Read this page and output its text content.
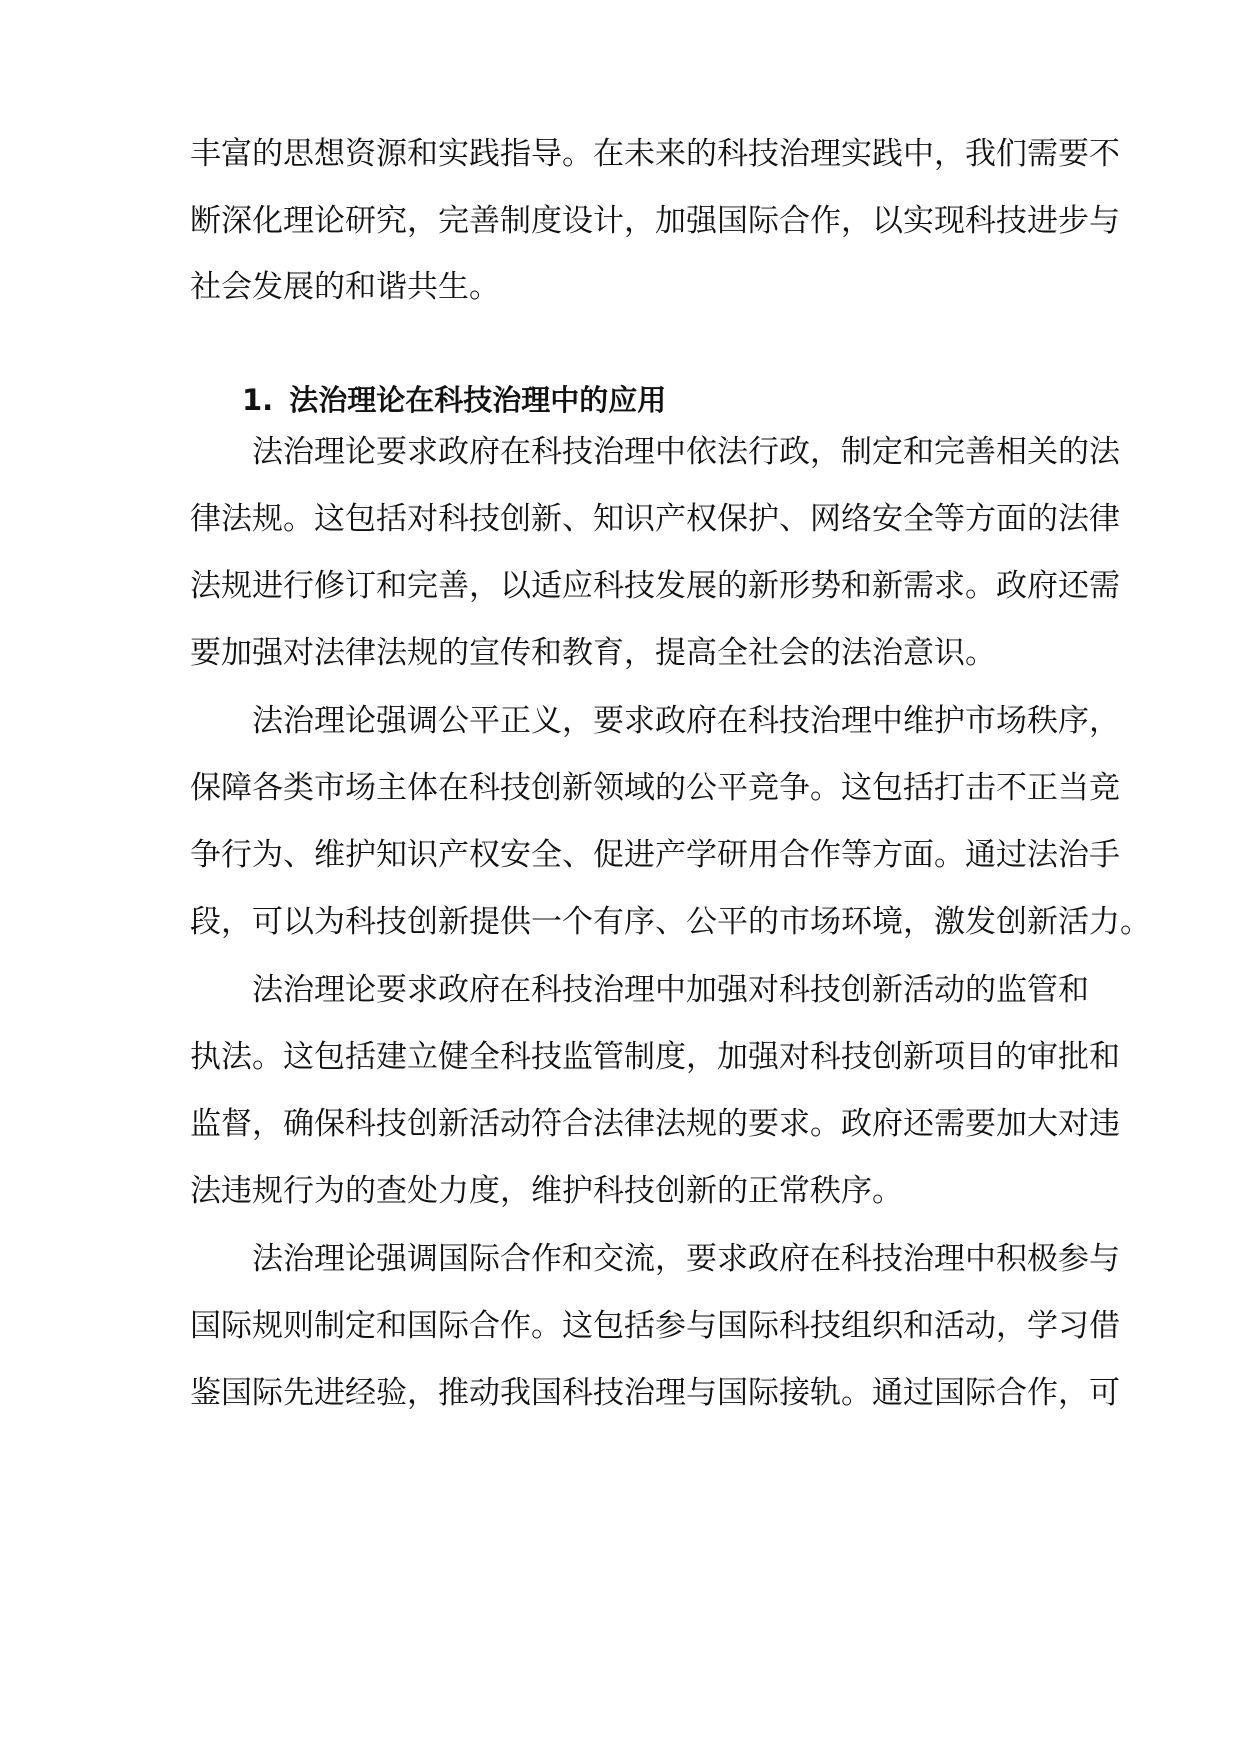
丰富的思想资源和实践指导。在未来的科技治理实践中，我们需要不

断深化理论研究，完善制度设计，加强国际合作，以实现科技进步与

社会发展的和谐共生。

1. 法治理论在科技治理中的应用

法治理论要求政府在科技治理中依法行政，制定和完善相关的法

律法规。这包括对科技创新、知识产权保护、网络安全等方面的法律

法规进行修订和完善，以适应科技发展的新形势和新需求。政府还需

要加强对法律法规的宣传和教育，提高全社会的法治意识。

法治理论强调公平正义，要求政府在科技治理中维护市场秩序，

保障各类市场主体在科技创新领域的公平竞争。这包括打击不正当竞

争行为、维护知识产权安全、促进产学研用合作等方面。通过法治手

段，可以为科技创新提供一个有序、公平的市场环境，激发创新活力。

法治理论要求政府在科技治理中加强对科技创新活动的监管和

执法。这包括建立健全科技监管制度，加强对科技创新项目的审批和

监督，确保科技创新活动符合法律法规的要求。政府还需要加大对违

法违规行为的查处力度，维护科技创新的正常秩序。

法治理论强调国际合作和交流，要求政府在科技治理中积极参与

国际规则制定和国际合作。这包括参与国际科技组织和活动，学习借

鉴国际先进经验，推动我国科技治理与国际接轨。通过国际合作，可
